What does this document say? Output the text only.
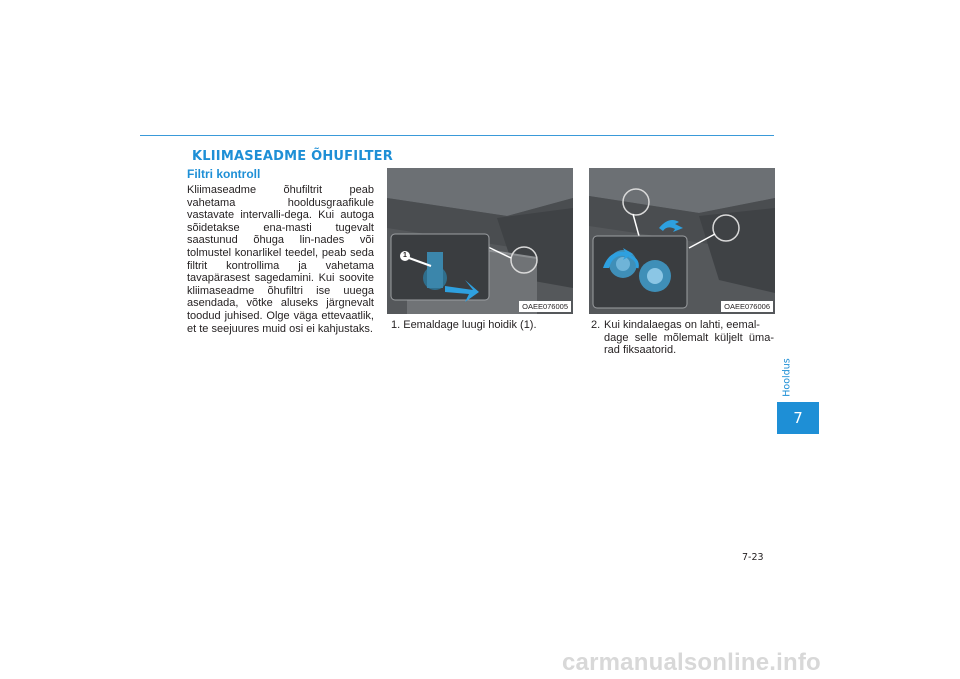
KLIIMASEADME ÕHUFILTER
Filtri kontroll
Kliimaseadme õhufiltrit peab vahetama hooldusgraafikule vastavate intervalli-dega. Kui autoga sõidetakse ena-masti tugevalt saastunud õhuga lin-nades või tolmustel konarlikel teedel, peab seda filtrit kontrollima ja vahetama tavapärasest sagedamini. Kui soovite kliimaseadme õhufiltri ise uuega asendada, võtke aluseks järgnevalt toodud juhised. Olge väga ettevaatlik, et te seejuures muid osi ei kahjustaks.
1
OAEE076005	OAEE076006
1. Eemaldage luugi hoidik (1).	2. Kui kindalaegas on lahti, eemal-
dage selle mõlemalt küljelt üma-rad fiksaatorid.
Hooldus
7
7-23
carmanualsonline.info
